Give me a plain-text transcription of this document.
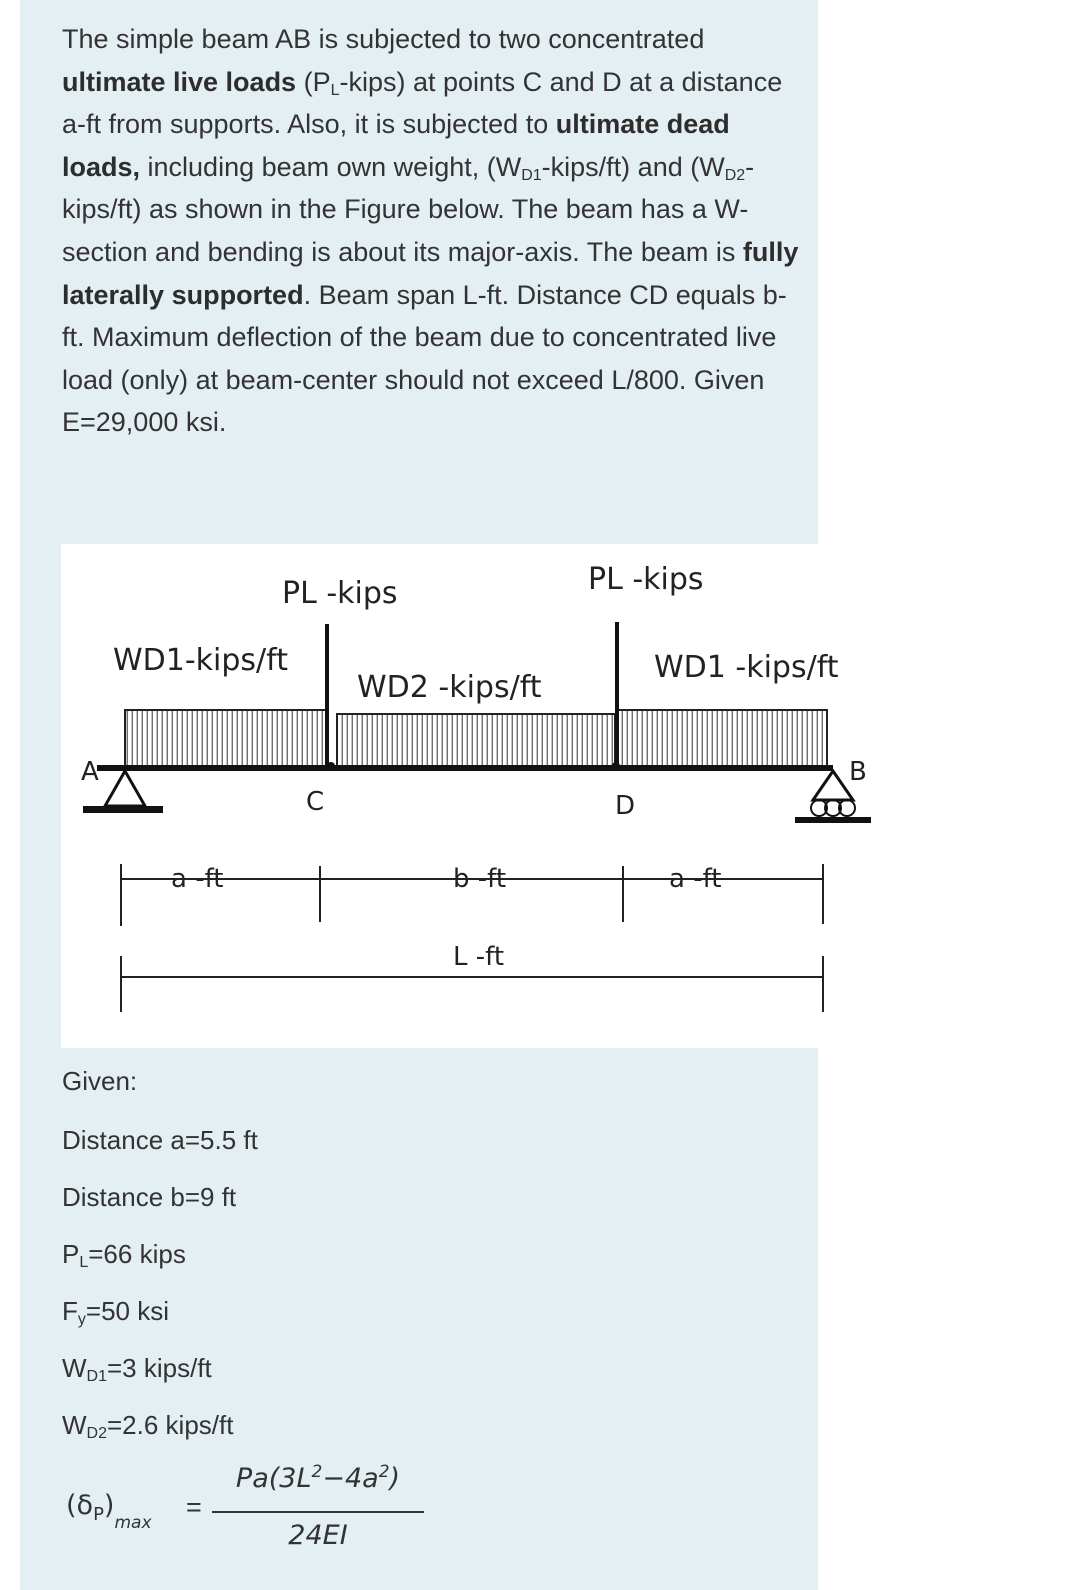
The simple beam AB is subjected to two concentrated ultimate live loads $(P_L-kips)$ at points C and D at a distance a-ft from supports. Also, it is subjected to ultimate dead loads, including beam own weight, $(W_{D1}-kips/ft)$ and $(W_{D2}-kips/ft)$ as shown in the Figure below. The beam has a W-section and bending is about its major-axis. The beam is fully laterally supported. Beam span L-ft. Distance CD equals b-ft. Maximum deflection of the beam due to concentrated live load (only) at beam-center should not exceed L/800. Given E=29,000 ksi.

PL -kips	PL -kips
WD1-kips/ft
WD2 -kips/ft
WD1 -kips/ft
A	B
C	D
a -ft	b -ft	a -ft
L -ft

Given:

Distance a=5.5 ft
Distance b=9 ft
$P_L=66$ kips
$F_y=50$ ksi
$W_{D1}=3$ kips/ft
$W_{D2}=2.6$ kips/ft
$(\delta_P)_{max}$
=
$Pa(3L^2-4a^2)$
24EI
